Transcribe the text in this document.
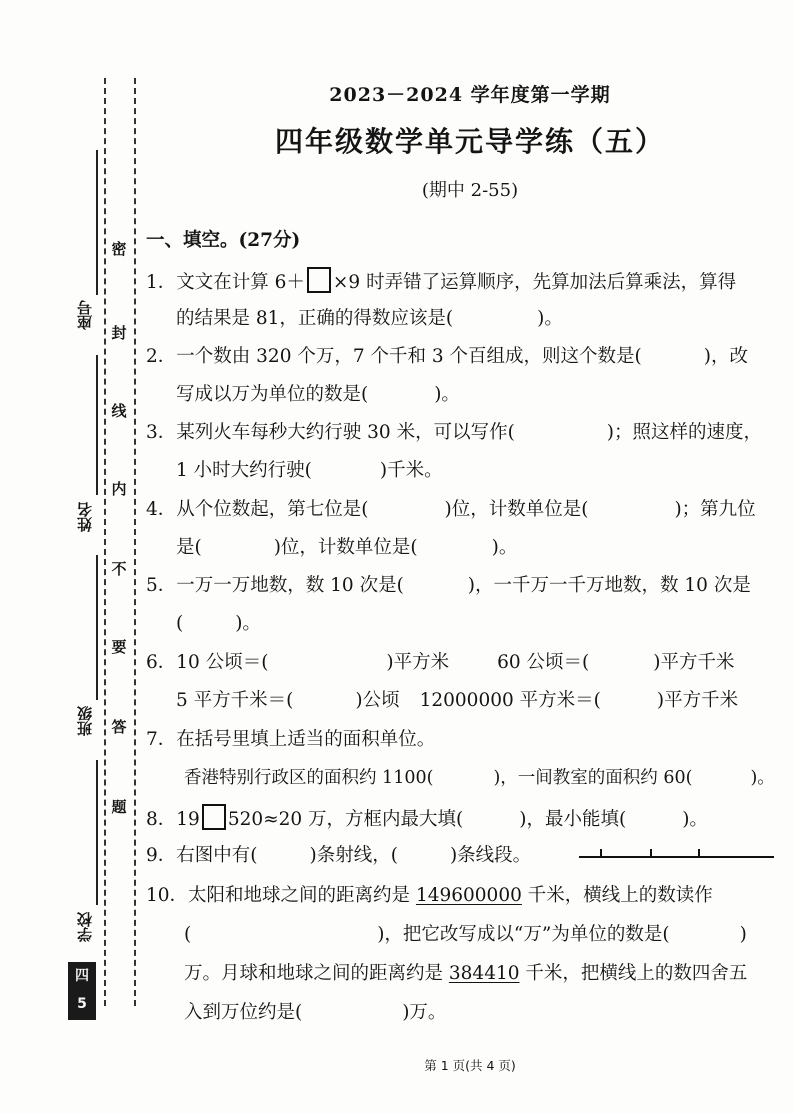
座号
姓名
班级
学校
密
封
线
内
不
要
答
题
四
5
2023－2024 学年度第一学期
四年级数学单元导学练（五）
(期中 2-55)
一、填空。(27分)
1．文文在计算 6＋ ×9 时弄错了运算顺序，先算加法后算乘法，算得
的结果是 81，正确的得数应该是(	)。
2．一个数由 320 个万，7 个千和 3 个百组成，则这个数是(	)，改
写成以万为单位的数是(	)。
3．某列火车每秒大约行驶 30 米，可以写作(	)；照这样的速度，
1 小时大约行驶(	)千米。
4．从个位数起，第七位是(	)位，计数单位是(	)；第九位
是(	)位，计数单位是(	)。
5．一万一万地数，数 10 次是(	)，一千万一千万地数，数 10 次是
(	)。
6．10 公顷＝(	)平方米	60 公顷＝(	)平方千米
5 平方千米＝(	)公顷 12000000 平方米＝(	)平方千米
7．在括号里填上适当的面积单位。
香港特别行政区的面积约 1100(	)，一间教室的面积约 60(	)。
8．19 520≈20 万，方框内最大填(	)，最小能填(	)。
9．右图中有(	)条射线，(	)条线段。
10．太阳和地球之间的距离约是 149600000 千米，横线上的数读作
(	)，把它改写成以“万”为单位的数是(	)
万。月球和地球之间的距离约是 384410 千米，把横线上的数四舍五
入到万位约是(	)万。
第 1 页(共 4 页)
